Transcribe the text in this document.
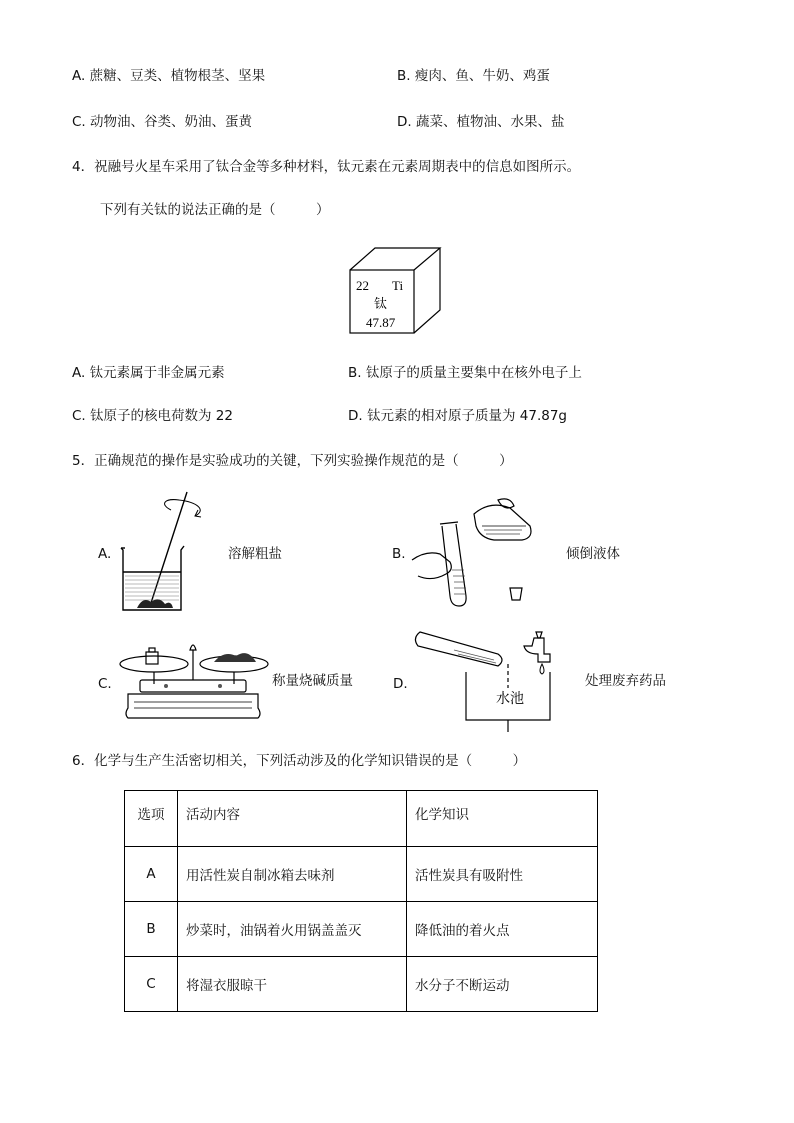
A. 蔗糖、豆类、植物根茎、坚果	B. 瘦肉、鱼、牛奶、鸡蛋
C. 动物油、谷类、奶油、蛋黄	D. 蔬菜、植物油、水果、盐
4．祝融号火星车采用了钛合金等多种材料，钛元素在元素周期表中的信息如图所示。
下列有关钛的说法正确的是（　　　）
22 Ti
钛
47.87
A. 钛元素属于非金属元素	B. 钛原子的质量主要集中在核外电子上
C. 钛原子的核电荷数为 22	D. 钛元素的相对原子质量为 47.87g
5．正确规范的操作是实验成功的关键，下列实验操作规范的是（　　　）
A.	溶解粗盐	B.	倾倒液体
C.	称量烧碱质量	D.
水池
处理废弃药品
6．化学与生产生活密切相关，下列活动涉及的化学知识错误的是（　　　）
选项	活动内容	化学知识
A	用活性炭自制冰箱去味剂	活性炭具有吸附性
B	炒菜时，油锅着火用锅盖盖灭	降低油的着火点
C	将湿衣服晾干	水分子不断运动
